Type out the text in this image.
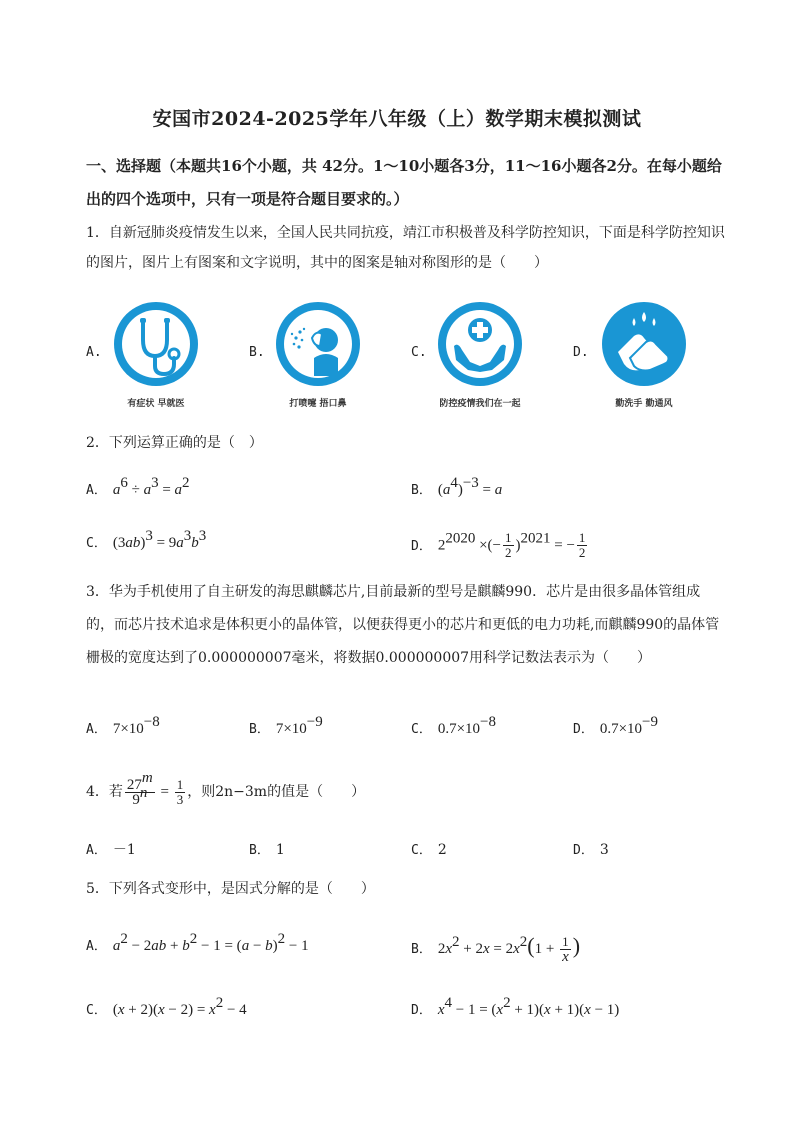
安国市2024-2025学年八年级（上）数学期末模拟测试
一、选择题（本题共16个小题，共 42分。1～10小题各3分，11～16小题各2分。在每小题给出的四个选项中，只有一项是符合题目要求的。）
1．自新冠肺炎疫情发生以来，全国人民共同抗疫，靖江市积极普及科学防控知识，下面是科学防控知识的图片，图片上有图案和文字说明，其中的图案是轴对称图形的是（　　）
A.
有症状 早就医
B.
打喷嚏 捂口鼻
C.
防控疫情我们在一起
D.
勤洗手 勤通风
2．下列运算正确的是（　）
A． $a^6 \div a^3 = a^2$	B． $(a^4)^{-3} = a$
C． $(3ab)^3 = 9a^3b^3$
D． $2^{2020}$ ×(− $\frac{1}{2} )^{2021}$ = − $\frac{1}{2}$
3．华为手机使用了自主研发的海思麒麟芯片,目前最新的型号是麒麟990．芯片是由很多晶体管组成的，而芯片技术追求是体积更小的晶体管，以便获得更小的芯片和更低的电力功耗,而麒麟990的晶体管栅极的宽度达到了0.000000007毫米，将数据0.000000007用科学记数法表示为（　　）
A． $7\times 10^{-8}$	B． $7\times 10^{-9}$	C． $0.7\times 10^{-8}$	D． $0.7\times 10^{-9}$
4．若 $\frac{27^m}{9^n} = \frac{1}{3}$ ，则2n−3m的值是（　　）
A． －1	B． 1	C． 2	D． 3
5．下列各式变形中，是因式分解的是（　　）
A． $a^2 - 2ab + b^2 - 1 = (a - b)^2 - 1$	B． $2x^2 + 2x = 2x^2(1 + \frac{1}{x}$ )
C． $(x + 2)(x - 2) = x^2 - 4$	D． $x^4 - 1 = (x^2 + 1)(x + 1)(x - 1)$
